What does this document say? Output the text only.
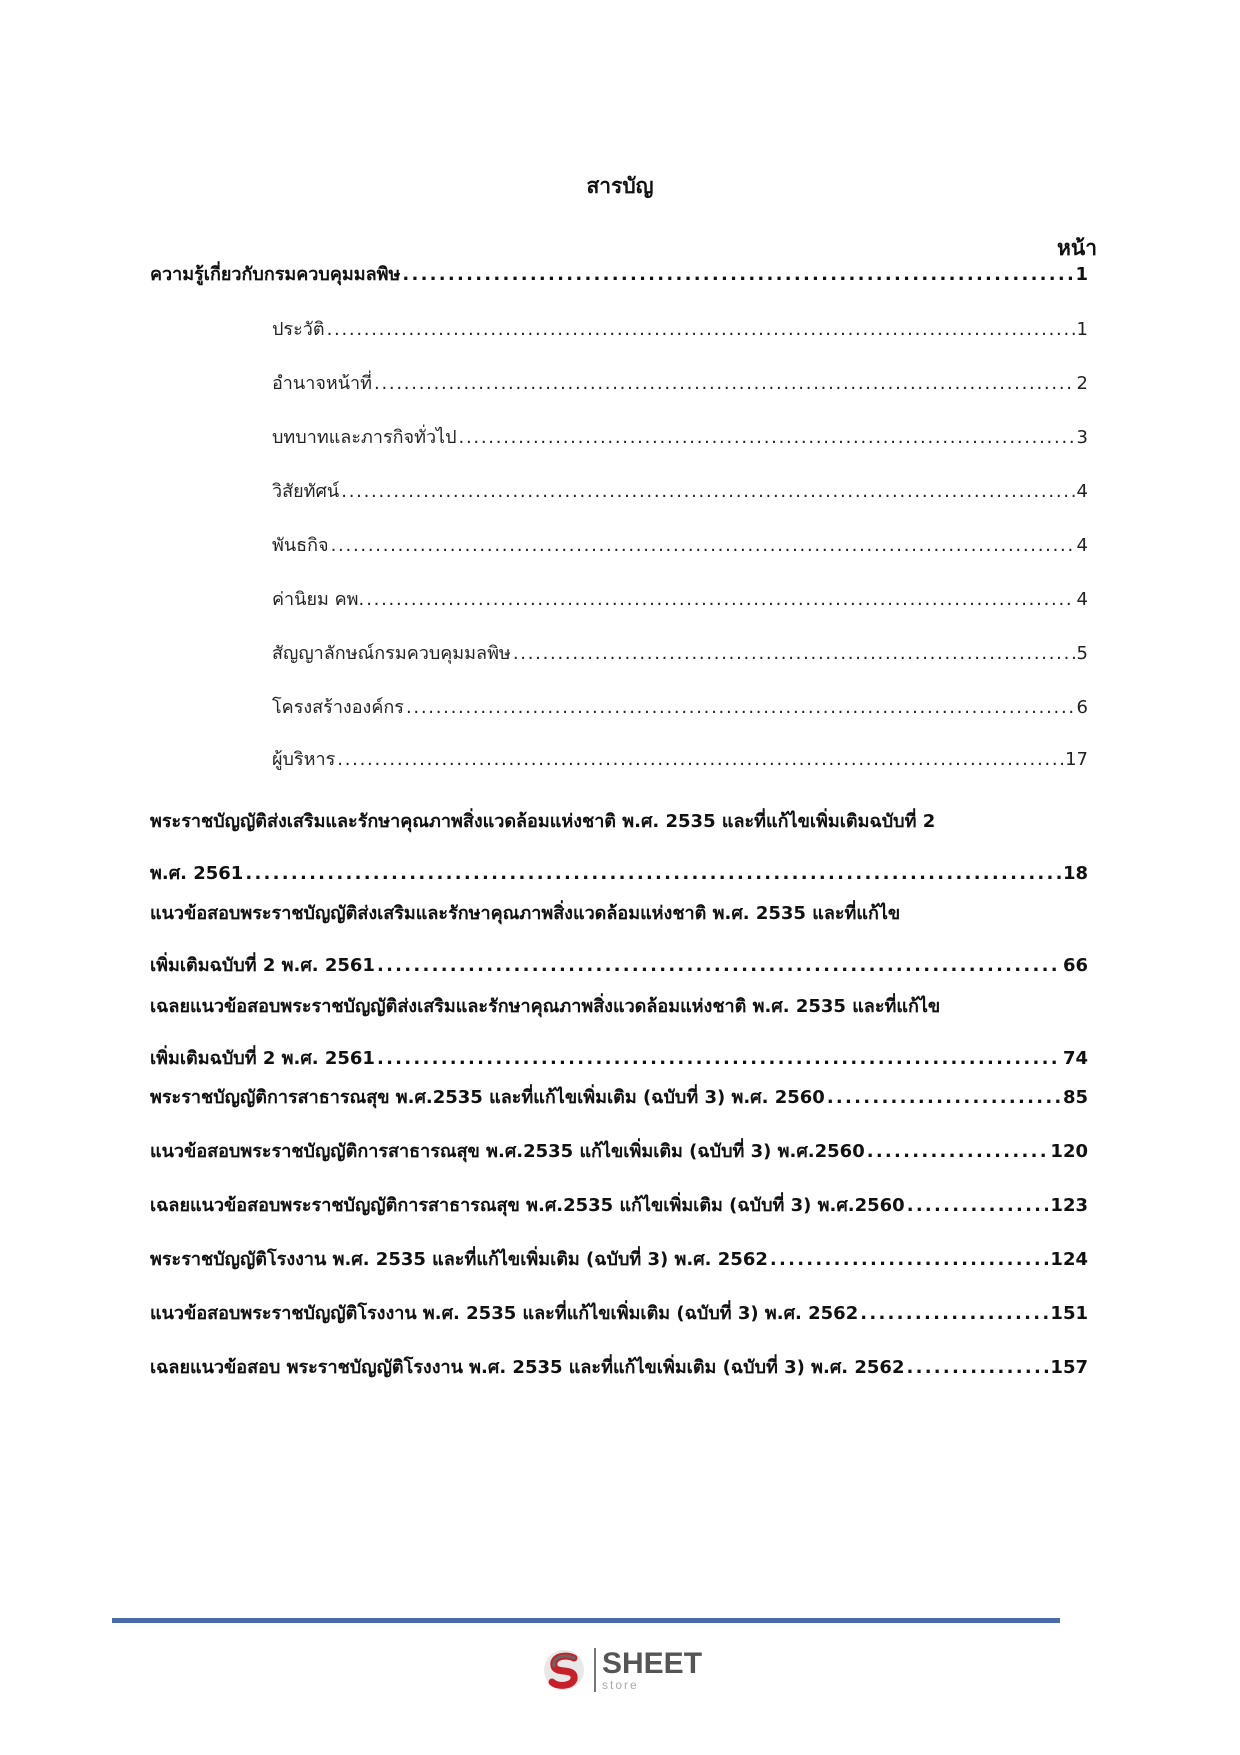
สารบัญ
หน้า
ความรู้เกี่ยวกับกรมควบคุมมลพิษ . . .	1
ประวัติ . . .	1
อำนาจหน้าที่ . . .	2
บทบาทและภารกิจทั่วไป . . .	3
วิสัยทัศน์ . . .	4
พันธกิจ . . .	4
ค่านิยม คพ. . . .	4
สัญญาลักษณ์กรมควบคุมมลพิษ . . .	5
โครงสร้างองค์กร . . .	6
ผู้บริหาร . . .	17
พระราชบัญญัติส่งเสริมและรักษาคุณภาพสิ่งแวดล้อมแห่งชาติ พ.ศ. 2535 และที่แก้ไขเพิ่มเติมฉบับที่ 2
พ.ศ. 2561 . . .	18
แนวข้อสอบพระราชบัญญัติส่งเสริมและรักษาคุณภาพสิ่งแวดล้อมแห่งชาติ พ.ศ. 2535 และที่แก้ไข
เพิ่มเติมฉบับที่ 2 พ.ศ. 2561 . . .	66
เฉลยแนวข้อสอบพระราชบัญญัติส่งเสริมและรักษาคุณภาพสิ่งแวดล้อมแห่งชาติ พ.ศ. 2535 และที่แก้ไข
เพิ่มเติมฉบับที่ 2 พ.ศ. 2561 . . .	74
พระราชบัญญัติการสาธารณสุข พ.ศ.2535 และที่แก้ไขเพิ่มเติม (ฉบับที่ 3) พ.ศ. 2560 . . .	85
แนวข้อสอบพระราชบัญญัติการสาธารณสุข พ.ศ.2535 แก้ไขเพิ่มเติม (ฉบับที่ 3) พ.ศ.2560 . . .	120
เฉลยแนวข้อสอบพระราชบัญญัติการสาธารณสุข พ.ศ.2535 แก้ไขเพิ่มเติม (ฉบับที่ 3) พ.ศ.2560 . . .	123
พระราชบัญญัติโรงงาน พ.ศ. 2535 และที่แก้ไขเพิ่มเติม (ฉบับที่ 3) พ.ศ. 2562 . . .	124
แนวข้อสอบพระราชบัญญัติโรงงาน พ.ศ. 2535 และที่แก้ไขเพิ่มเติม (ฉบับที่ 3) พ.ศ. 2562 . . .	151
เฉลยแนวข้อสอบ พระราชบัญญัติโรงงาน พ.ศ. 2535 และที่แก้ไขเพิ่มเติม (ฉบับที่ 3) พ.ศ. 2562 . . .	157
SHEET
store
